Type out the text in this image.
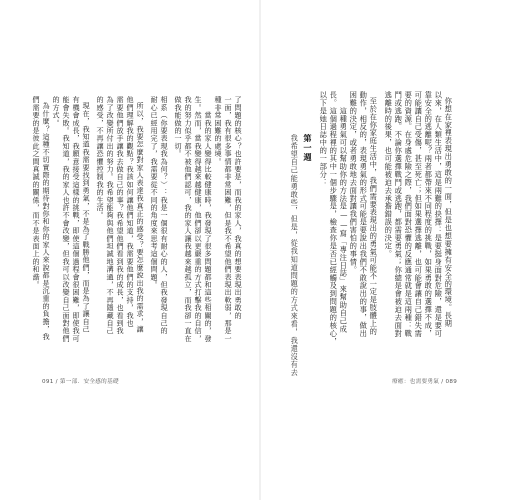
你想在家裡表現出勇敢的一面，但是也想要擁有安全的環境。長期
以來，在人類生活中，這是兩難的抉擇：是要挺身面對危險，還是要可
靠安全的逃離呢？兩者都帶來不同程度的挑戰，如果勇敢的選擇不成，
可能讓自己受傷，甚至死亡；但如果選擇逃離，也可能會讓自己錯失需
要的資源。在身處危險之際，我們面對恐懼的反應通常就是這兩種：戰
鬥或逃跑。不論你選擇戰鬥或逃跑，都需要勇氣；你總是會被迫去面對
逃離時的後果，也可能被迫去承擔錯誤的決定。
至於在你家庭生活中，我們需要表現出的勇氣可能不一定是肢體上的
動作，相反的，表現勇氣的形式可能是要說出我們不敢說出的事，做出
困難的決定，或者勇敢地去面對讓我們害怕的事情。
　　這種勇氣可以幫助你的方法是——寫「專注日誌」來幫助自己成
長。這個過程裡的其中一個步驟是，檢查你是否已經觸及到問題的核心，
以下是她日誌中的一部分：
第一週
我希望自己能勇敢些，但是，從我知道問題的方式來看，我還沒有去
療癒：也需要勇氣 / 089
了問題的核心？也許要是，而我的家人，我真的想要表現出勇敢的
一面，我有很多事情都非常困難，但是我不希望他們表現出軟弱，那是一
種非常困難的處境。
　　當我的家人變得比較健康時，我發現了很多問題都和這些相關的，發
生。然而，當我變得越來越健康，他們卻以更嚴重的方式打擊我的自信，
我的努力似乎都不被他們認可，我的家人讓我越來越孤立，而我卻一直在
做我能做的一切。
相系（你要表現我為何？）：我是一個很有耐心的人，但我發現自己的
耐心已經用完了，我需要從不同的角度來思考這個問題。
所以，我要怎麼對家人表達我真正的感受？要怎麼說出我的需求，讓
他們理解我的觀點？我該如何讓他們知道，我需要他們的支持，我也
需要他們放手讓我去做自己的事？我希望他們看到我的成長，也看到我
為了改變所付出的努力。我希望能夠與他們坦誠地溝通，不再隱藏自己
的感受，不再讓恐懼控制我的生活。
現在，我知道我需要找到勇氣，不是為了戰勝他們，而是為了讓自己
有機會成長，我願意接受這樣的挑戰，即使這個過程會很困難，即使我可
能會失敗。我知道，我的家人也許不會改變，但我可以改變自己面對他們
的方式。
為什麼？這種不切實際的期待對你和你的家人來說都是沉重的負擔，我
們需要的是彼此之間真誠的關係，而不是表面上的和諧。
091 / 第一部．安全感的基礎
